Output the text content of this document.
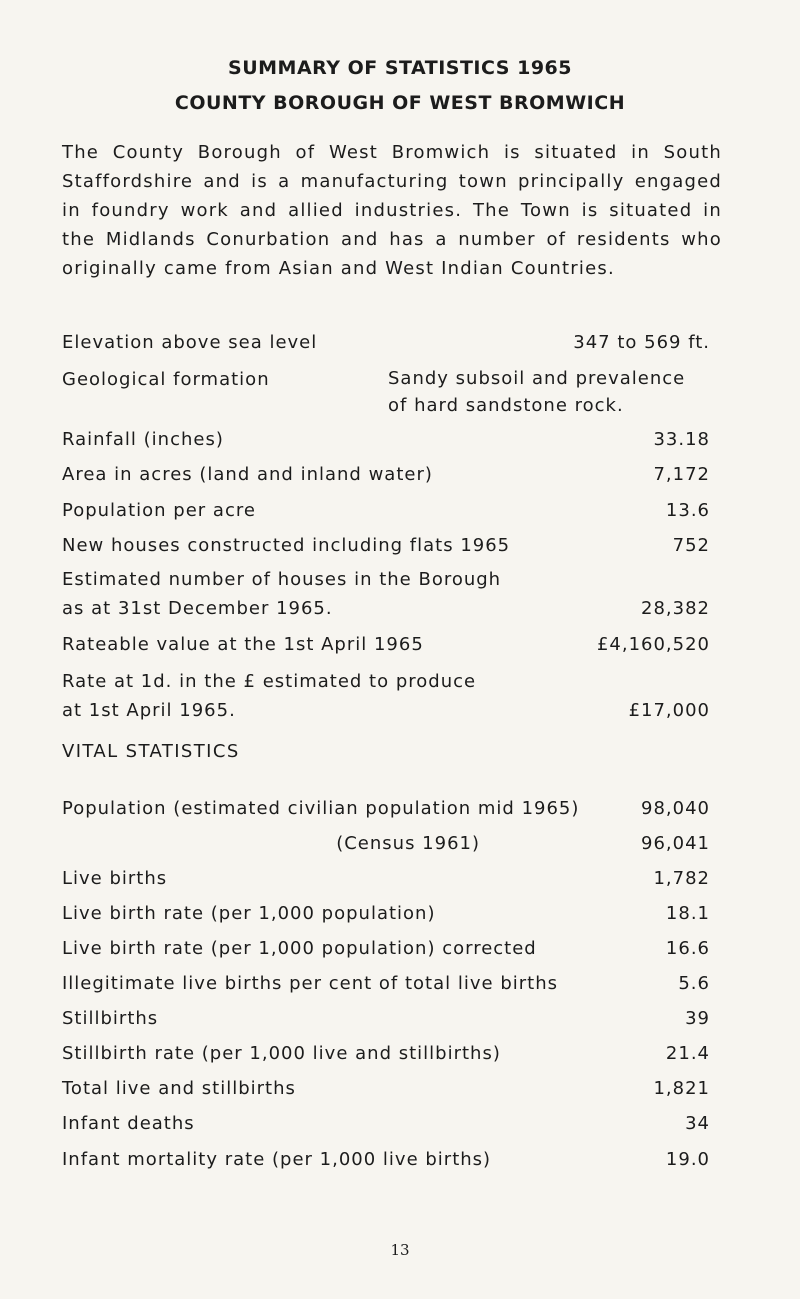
SUMMARY OF STATISTICS 1965
COUNTY BOROUGH OF WEST BROMWICH
The County Borough of West Bromwich is situated in South Staffordshire and is a manufacturing town principally engaged in foundry work and allied industries. The Town is situated in the Midlands Conurbation and has a number of residents who originally came from Asian and West Indian Countries.
Elevation above sea level	347 to 569 ft.
Geological formation	Sandy subsoil and prevalence
of hard sandstone rock.
Rainfall (inches)	33.18
Area in acres (land and inland water)	7,172
Population per acre	13.6
New houses constructed including flats 1965	752
Estimated number of houses in the Borough
as at 31st December 1965.	28,382
Rateable value at the 1st April 1965	£4,160,520
Rate at 1d. in the £ estimated to produce
at 1st April 1965.	£17,000
VITAL STATISTICS
Population (estimated civilian population mid 1965)	98,040
(Census 1961)	96,041
Live births	1,782
Live birth rate (per 1,000 population)	18.1
Live birth rate (per 1,000 population) corrected	16.6
Illegitimate live births per cent of total live births	5.6
Stillbirths	39
Stillbirth rate (per 1,000 live and stillbirths)	21.4
Total live and stillbirths	1,821
Infant deaths	34
Infant mortality rate (per 1,000 live births)	19.0
13
